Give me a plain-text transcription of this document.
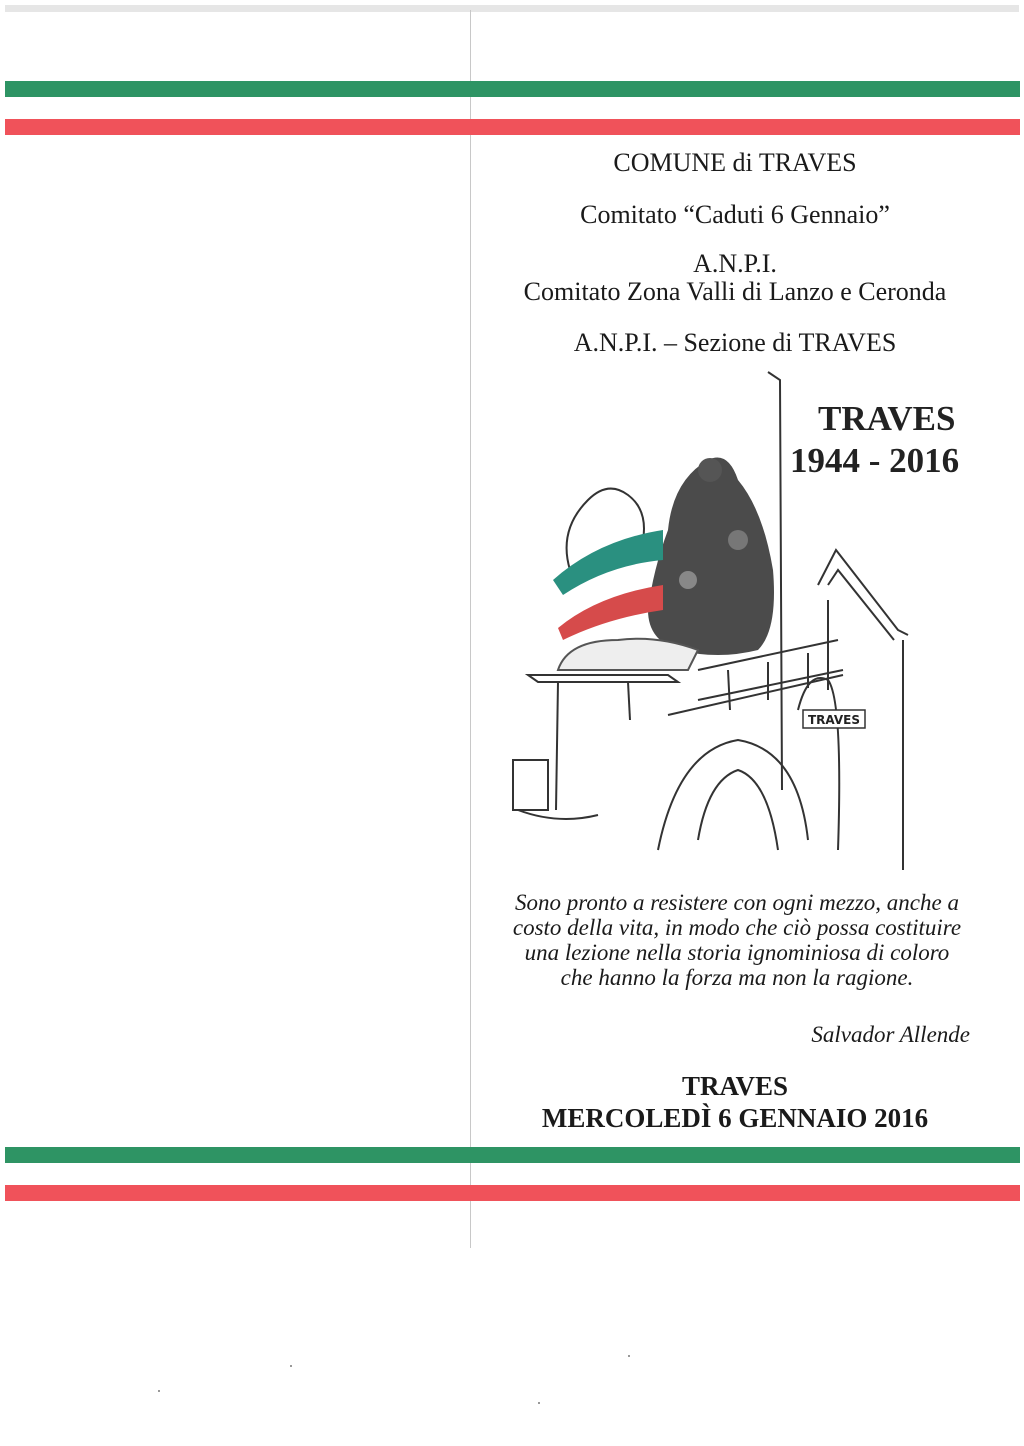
COMUNE di TRAVES
Comitato “Caduti 6 Gennaio”
A.N.P.I.
Comitato Zona Valli di Lanzo e Ceronda
A.N.P.I. – Sezione di TRAVES
TRAVES
TRAVES
1944 - 2016
Sono pronto a resistere con ogni mezzo, anche a
costo della vita, in modo che ciò possa costituire
una lezione nella storia ignominiosa di coloro
che hanno la forza ma non la ragione.
Salvador Allende
TRAVES
MERCOLEDÌ 6 GENNAIO 2016
